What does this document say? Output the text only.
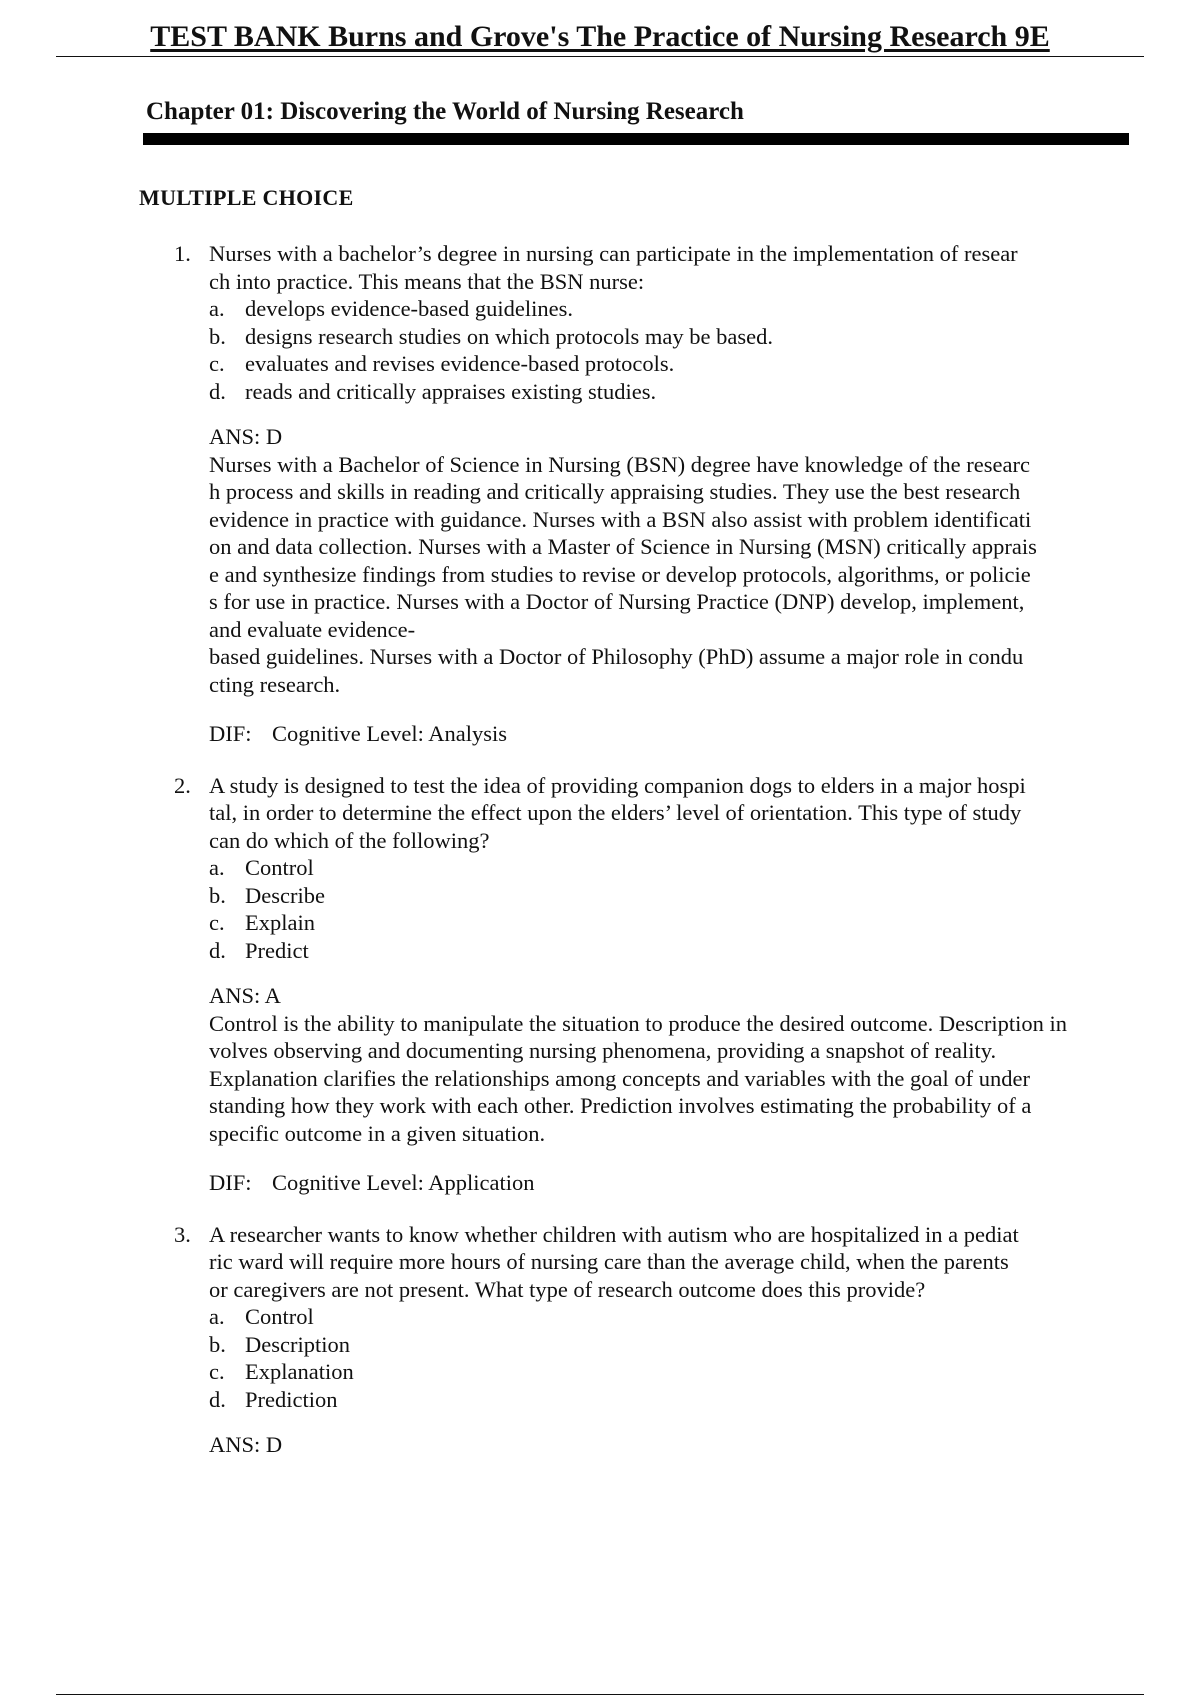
TEST BANK Burns and Grove's The Practice of Nursing Research 9E
Chapter 01: Discovering the World of Nursing Research
MULTIPLE CHOICE
1. Nurses with a bachelor’s degree in nursing can participate in the implementation of resear
ch into practice. This means that the BSN nurse:
a. develops evidence-based guidelines.
b. designs research studies on which protocols may be based.
c. evaluates and revises evidence-based protocols.
d. reads and critically appraises existing studies.
ANS: D
Nurses with a Bachelor of Science in Nursing (BSN) degree have knowledge of the researc
h process and skills in reading and critically appraising studies. They use the best research
evidence in practice with guidance. Nurses with a BSN also assist with problem identificati
on and data collection. Nurses with a Master of Science in Nursing (MSN) critically apprais
e and synthesize findings from studies to revise or develop protocols, algorithms, or policie
s for use in practice. Nurses with a Doctor of Nursing Practice (DNP) develop, implement,
and evaluate evidence-
based guidelines. Nurses with a Doctor of Philosophy (PhD) assume a major role in condu
cting research.
DIF: Cognitive Level: Analysis
2. A study is designed to test the idea of providing companion dogs to elders in a major hospi
tal, in order to determine the effect upon the elders’ level of orientation. This type of study
can do which of the following?
a. Control
b. Describe
c. Explain
d. Predict
ANS: A
Control is the ability to manipulate the situation to produce the desired outcome. Description in
volves observing and documenting nursing phenomena, providing a snapshot of reality.
Explanation clarifies the relationships among concepts and variables with the goal of under
standing how they work with each other. Prediction involves estimating the probability of a
specific outcome in a given situation.
DIF: Cognitive Level: Application
3. A researcher wants to know whether children with autism who are hospitalized in a pediat
ric ward will require more hours of nursing care than the average child, when the parents
or caregivers are not present. What type of research outcome does this provide?
a. Control
b. Description
c. Explanation
d. Prediction
ANS: D
